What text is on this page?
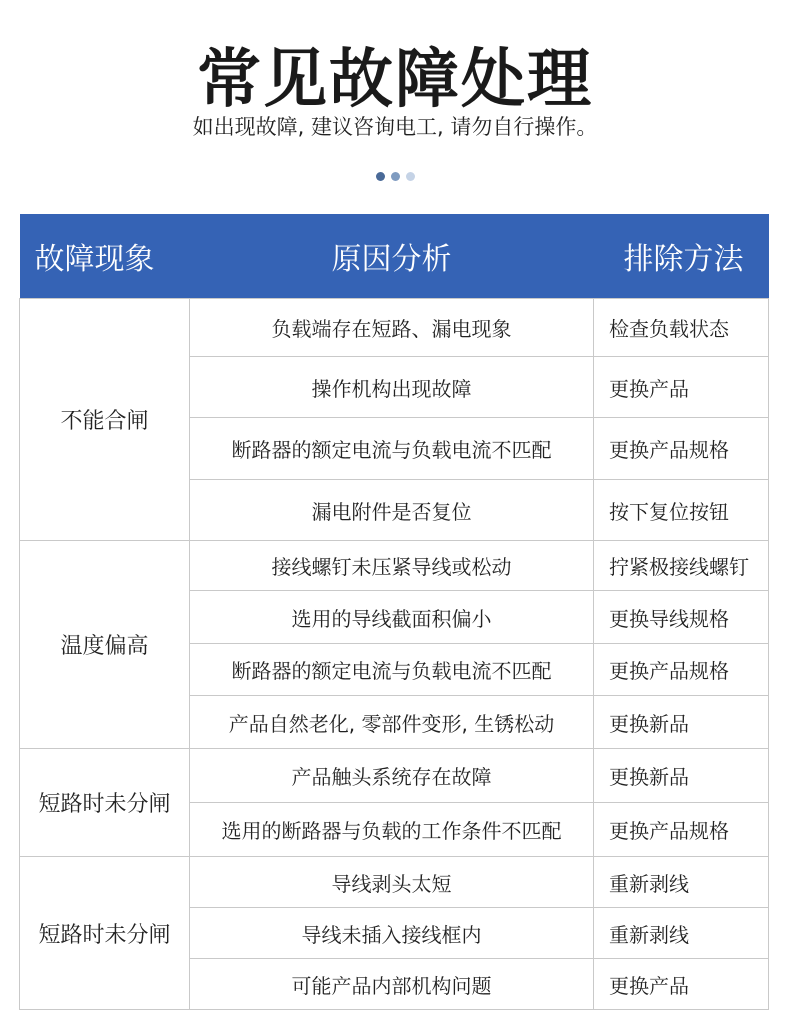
常见故障处理
如出现故障, 建议咨询电工, 请勿自行操作。

故障现象	原因分析	排除方法
不能合闸	负载端存在短路、漏电现象	检查负载状态
	操作机构出现故障	更换产品
	断路器的额定电流与负载电流不匹配	更换产品规格
	漏电附件是否复位	按下复位按钮
温度偏高	接线螺钉未压紧导线或松动	拧紧极接线螺钉
	选用的导线截面积偏小	更换导线规格
	断路器的额定电流与负载电流不匹配	更换产品规格
	产品自然老化, 零部件变形, 生锈松动	更换新品
短路时未分闸	产品触头系统存在故障	更换新品
	选用的断路器与负载的工作条件不匹配	更换产品规格
短路时未分闸	导线剥头太短	重新剥线
	导线未插入接线框内	重新剥线
	可能产品内部机构问题	更换产品
